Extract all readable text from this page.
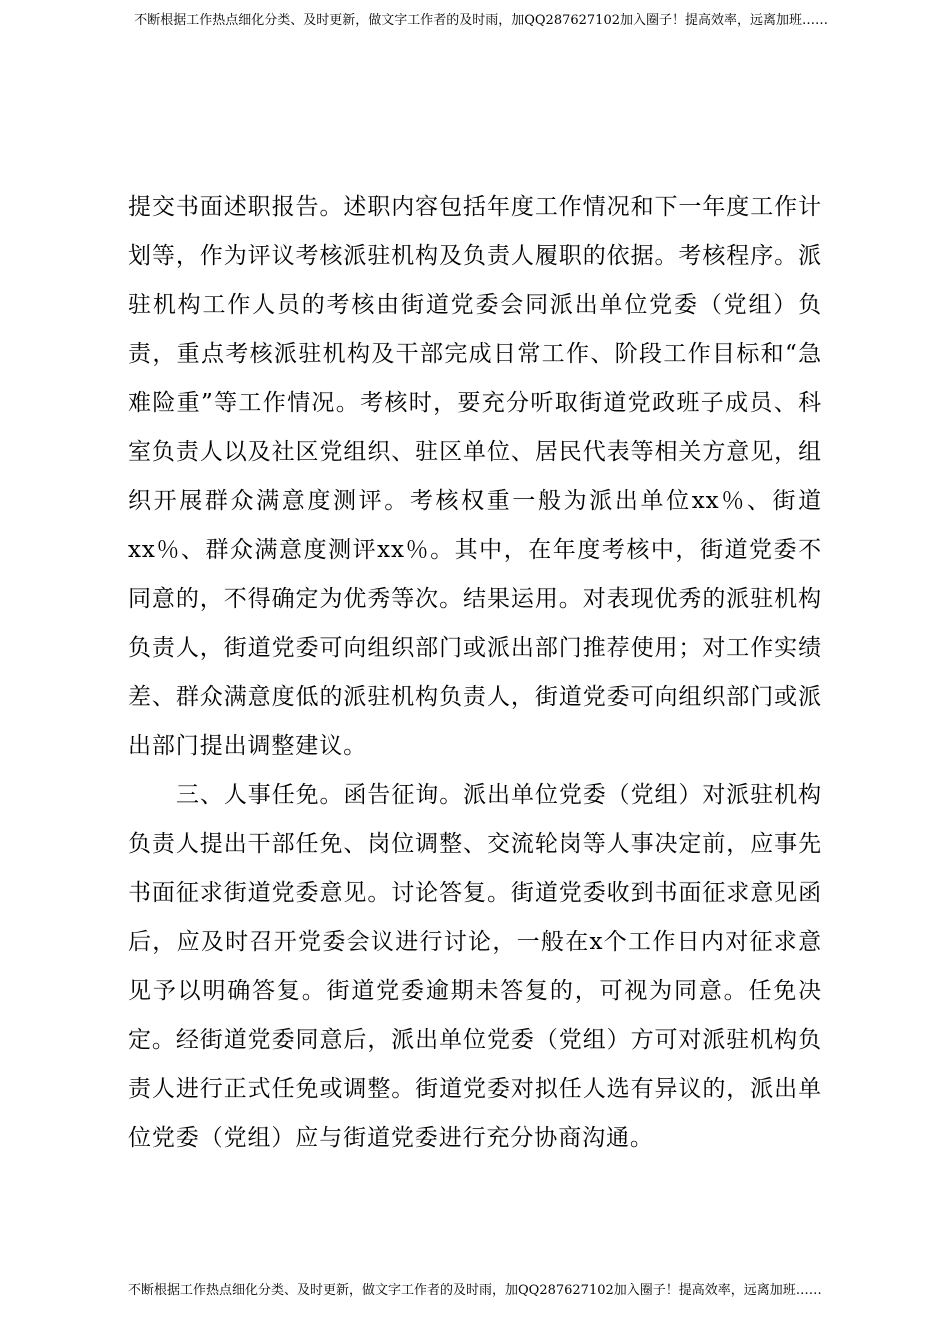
不断根据工作热点细化分类、及时更新，做文字工作者的及时雨，加QQ287627102加入圈子！提高效率，远离加班……

提交书面述职报告。述职内容包括年度工作情况和下一年度工作计划等，作为评议考核派驻机构及负责人履职的依据。考核程序。派驻机构工作人员的考核由街道党委会同派出单位党委（党组）负责，重点考核派驻机构及干部完成日常工作、阶段工作目标和“急难险重”等工作情况。考核时，要充分听取街道党政班子成员、科室负责人以及社区党组织、驻区单位、居民代表等相关方意见，组织开展群众满意度测评。考核权重一般为派出单位xx％、街道xx％、群众满意度测评xx％。其中，在年度考核中，街道党委不同意的，不得确定为优秀等次。结果运用。对表现优秀的派驻机构负责人，街道党委可向组织部门或派出部门推荐使用；对工作实绩差、群众满意度低的派驻机构负责人，街道党委可向组织部门或派出部门提出调整建议。

三、人事任免。函告征询。派出单位党委（党组）对派驻机构负责人提出干部任免、岗位调整、交流轮岗等人事决定前，应事先书面征求街道党委意见。讨论答复。街道党委收到书面征求意见函后，应及时召开党委会议进行讨论，一般在x个工作日内对征求意见予以明确答复。街道党委逾期未答复的，可视为同意。任免决定。经街道党委同意后，派出单位党委（党组）方可对派驻机构负责人进行正式任免或调整。街道党委对拟任人选有异议的，派出单位党委（党组）应与街道党委进行充分协商沟通。

不断根据工作热点细化分类、及时更新，做文字工作者的及时雨，加QQ287627102加入圈子！提高效率，远离加班……
